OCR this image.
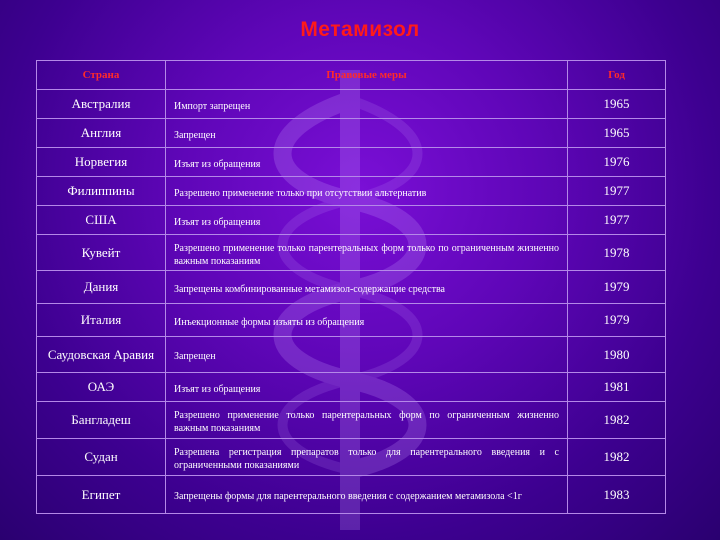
Метамизол
Страна	Правовые меры	Год
Австралия	Импорт запрещен	1965
Англия	Запрещен	1965
Норвегия	Изъят из обращения	1976
Филиппины	Разрешено применение только при отсутствии альтернатив	1977
США	Изъят из обращения	1977
Кувейт	Разрешено применение только парентеральных форм только по ограниченным жизненно важным показаниям	1978
Дания	Запрещены комбинированные метамизол-содержащие средства	1979
Италия	Инъекционные формы изъяты из обращения	1979
Саудовская Аравия	Запрещен	1980
ОАЭ	Изъят из обращения	1981
Бангладеш	Разрешено применение только парентеральных форм по ограниченным жизненно важным показаниям	1982
Судан	Разрешена регистрация препаратов только для парентерального введения и с ограниченными показаниями	1982
Египет	Запрещены формы для парентерального введения с содержанием метамизола <1г	1983
